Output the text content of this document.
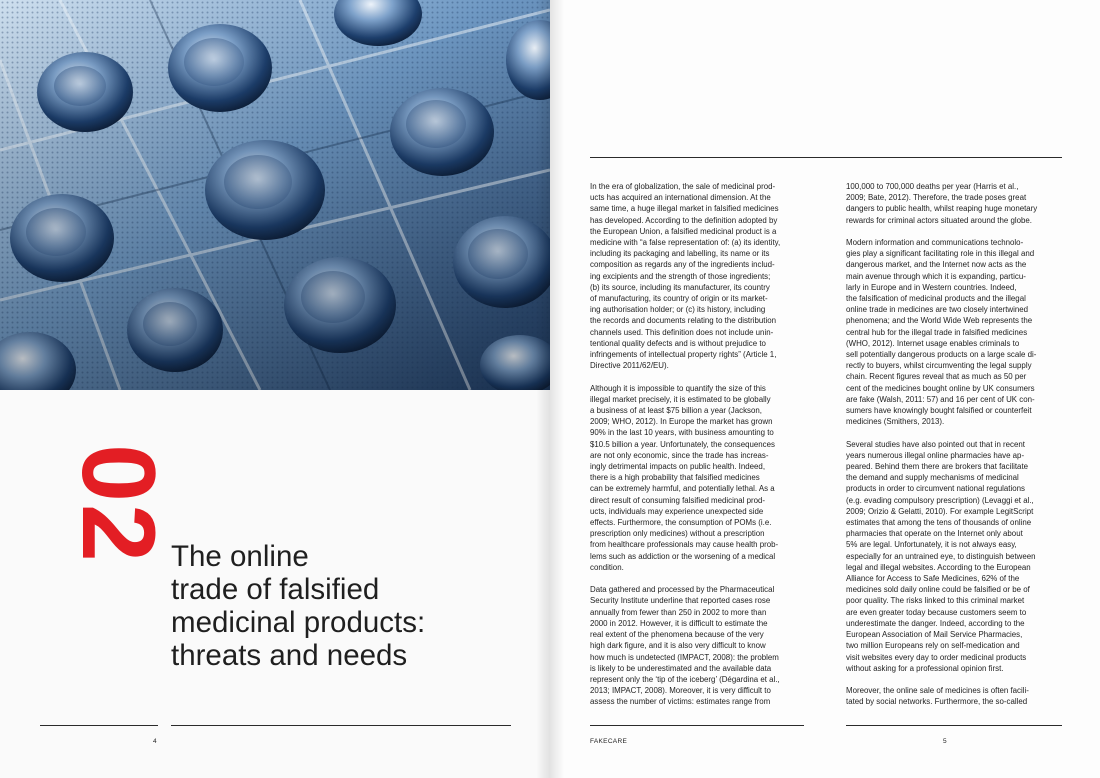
02
The online
trade of falsified
medicinal products:
threats and needs
4
In the era of globalization, the sale of medicinal prod-
ucts has acquired an international dimension. At the
same time, a huge illegal market in falsified medicines
has developed. According to the definition adopted by
the European Union, a falsified medicinal product is a
medicine with “a false representation of: (a) its identity,
including its packaging and labelling, its name or its
composition as regards any of the ingredients includ-
ing excipients and the strength of those ingredients;
(b) its source, including its manufacturer, its country
of manufacturing, its country of origin or its market-
ing authorisation holder; or (c) its history, including
the records and documents relating to the distribution
channels used. This definition does not include unin-
tentional quality defects and is without prejudice to
infringements of intellectual property rights” (Article 1,
Directive 2011/62/EU).
Although it is impossible to quantify the size of this
illegal market precisely, it is estimated to be globally
a business of at least $75 billion a year (Jackson,
2009; WHO, 2012). In Europe the market has grown
90% in the last 10 years, with business amounting to
$10.5 billion a year. Unfortunately, the consequences
are not only economic, since the trade has increas-
ingly detrimental impacts on public health. Indeed,
there is a high probability that falsified medicines
can be extremely harmful, and potentially lethal. As a
direct result of consuming falsified medicinal prod-
ucts, individuals may experience unexpected side
effects. Furthermore, the consumption of POMs (i.e.
prescription only medicines) without a prescription
from healthcare professionals may cause health prob-
lems such as addiction or the worsening of a medical
condition.
Data gathered and processed by the Pharmaceutical
Security Institute underline that reported cases rose
annually from fewer than 250 in 2002 to more than
2000 in 2012. However, it is difficult to estimate the
real extent of the phenomena because of the very
high dark figure, and it is also very difficult to know
how much is undetected (IMPACT, 2008): the problem
is likely to be underestimated and the available data
represent only the ‘tip of the iceberg’ (Dégardina et al.,
2013; IMPACT, 2008). Moreover, it is very difficult to
assess the number of victims: estimates range from
100,000 to 700,000 deaths per year (Harris et al.,
2009; Bate, 2012). Therefore, the trade poses great
dangers to public health, whilst reaping huge monetary
rewards for criminal actors situated around the globe.
Modern information and communications technolo-
gies play a significant facilitating role in this illegal and
dangerous market, and the Internet now acts as the
main avenue through which it is expanding, particu-
larly in Europe and in Western countries. Indeed,
the falsification of medicinal products and the illegal
online trade in medicines are two closely intertwined
phenomena; and the World Wide Web represents the
central hub for the illegal trade in falsified medicines
(WHO, 2012). Internet usage enables criminals to
sell potentially dangerous products on a large scale di-
rectly to buyers, whilst circumventing the legal supply
chain. Recent figures reveal that as much as 50 per
cent of the medicines bought online by UK consumers
are fake (Walsh, 2011: 57) and 16 per cent of UK con-
sumers have knowingly bought falsified or counterfeit
medicines (Smithers, 2013).
Several studies have also pointed out that in recent
years numerous illegal online pharmacies have ap-
peared. Behind them there are brokers that facilitate
the demand and supply mechanisms of medicinal
products in order to circumvent national regulations
(e.g. evading compulsory prescription) (Levaggi et al.,
2009; Orizio & Gelatti, 2010). For example LegitScript
estimates that among the tens of thousands of online
pharmacies that operate on the Internet only about
5% are legal. Unfortunately, it is not always easy,
especially for an untrained eye, to distinguish between
legal and illegal websites. According to the European
Alliance for Access to Safe Medicines, 62% of the
medicines sold daily online could be falsified or be of
poor quality. The risks linked to this criminal market
are even greater today because customers seem to
underestimate the danger. Indeed, according to the
European Association of Mail Service Pharmacies,
two million Europeans rely on self-medication and
visit websites every day to order medicinal products
without asking for a professional opinion first.
Moreover, the online sale of medicines is often facili-
tated by social networks. Furthermore, the so-called
FAKECARE	5
